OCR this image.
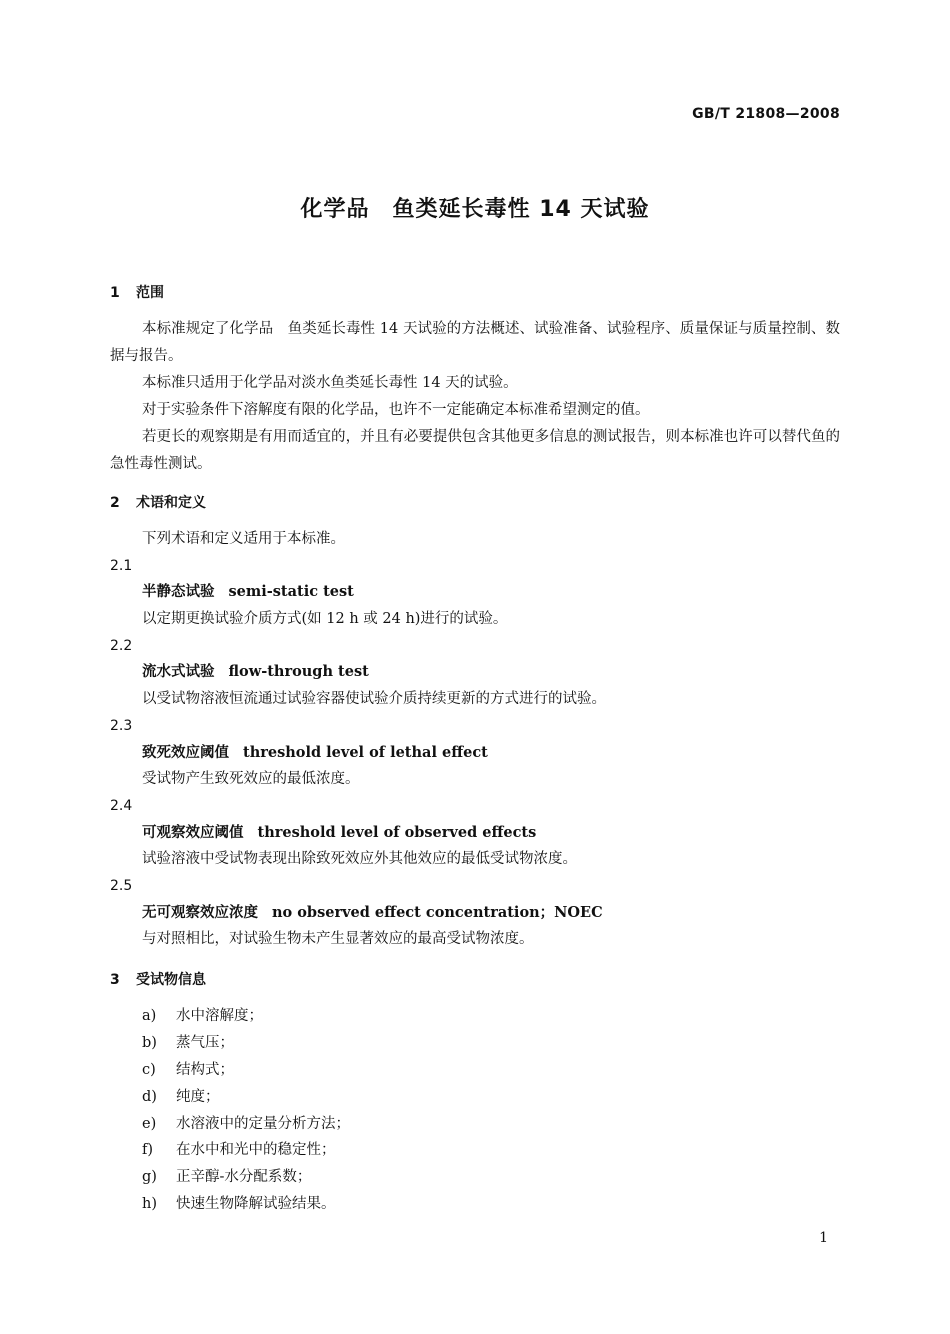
GB/T 21808—2008
化学品　鱼类延长毒性 14 天试验
1 范围
本标准规定了化学品　鱼类延长毒性 14 天试验的方法概述、试验准备、试验程序、质量保证与质量控制、数据与报告。
本标准只适用于化学品对淡水鱼类延长毒性 14 天的试验。
对于实验条件下溶解度有限的化学品，也许不一定能确定本标准希望测定的值。
若更长的观察期是有用而适宜的，并且有必要提供包含其他更多信息的测试报告，则本标准也许可以替代鱼的急性毒性测试。
2 术语和定义
下列术语和定义适用于本标准。
2.1
半静态试验 semi-static test
以定期更换试验介质方式(如 12 h 或 24 h)进行的试验。
2.2
流水式试验 flow-through test
以受试物溶液恒流通过试验容器使试验介质持续更新的方式进行的试验。
2.3
致死效应阈值 threshold level of lethal effect
受试物产生致死效应的最低浓度。
2.4
可观察效应阈值 threshold level of observed effects
试验溶液中受试物表现出除致死效应外其他效应的最低受试物浓度。
2.5
无可观察效应浓度 no observed effect concentration；NOEC
与对照相比，对试验生物未产生显著效应的最高受试物浓度。
3 受试物信息
a) 水中溶解度；
b) 蒸气压；
c) 结构式；
d) 纯度；
e) 水溶液中的定量分析方法；
f) 在水中和光中的稳定性；
g) 正辛醇-水分配系数；
h) 快速生物降解试验结果。
1
